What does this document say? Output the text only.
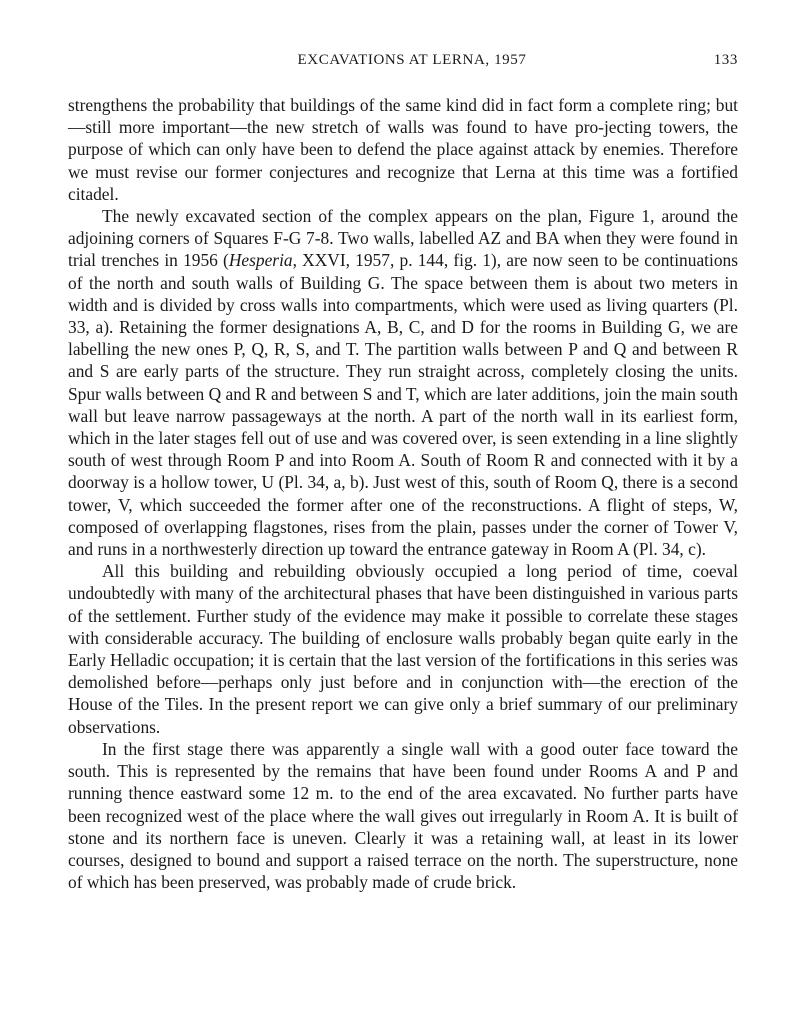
EXCAVATIONS AT LERNA, 1957	133

strengthens the probability that buildings of the same kind did in fact form a complete ring; but—still more important—the new stretch of walls was found to have pro-jecting towers, the purpose of which can only have been to defend the place against attack by enemies. Therefore we must revise our former conjectures and recognize that Lerna at this time was a fortified citadel.

The newly excavated section of the complex appears on the plan, Figure 1, around the adjoining corners of Squares F-G 7-8. Two walls, labelled AZ and BA when they were found in trial trenches in 1956 (Hesperia, XXVI, 1957, p. 144, fig. 1), are now seen to be continuations of the north and south walls of Building G. The space between them is about two meters in width and is divided by cross walls into compartments, which were used as living quarters (Pl. 33, a). Retaining the former designations A, B, C, and D for the rooms in Building G, we are labelling the new ones P, Q, R, S, and T. The partition walls between P and Q and between R and S are early parts of the structure. They run straight across, completely closing the units. Spur walls between Q and R and between S and T, which are later additions, join the main south wall but leave narrow passageways at the north. A part of the north wall in its earliest form, which in the later stages fell out of use and was covered over, is seen extending in a line slightly south of west through Room P and into Room A. South of Room R and connected with it by a doorway is a hollow tower, U (Pl. 34, a, b). Just west of this, south of Room Q, there is a second tower, V, which succeeded the former after one of the reconstructions. A flight of steps, W, composed of overlapping flagstones, rises from the plain, passes under the corner of Tower V, and runs in a northwesterly direction up toward the entrance gateway in Room A (Pl. 34, c).

All this building and rebuilding obviously occupied a long period of time, coeval undoubtedly with many of the architectural phases that have been distinguished in various parts of the settlement. Further study of the evidence may make it possible to correlate these stages with considerable accuracy. The building of enclosure walls probably began quite early in the Early Helladic occupation; it is certain that the last version of the fortifications in this series was demolished before—perhaps only just before and in conjunction with—the erection of the House of the Tiles. In the present report we can give only a brief summary of our preliminary observations.

In the first stage there was apparently a single wall with a good outer face toward the south. This is represented by the remains that have been found under Rooms A and P and running thence eastward some 12 m. to the end of the area excavated. No further parts have been recognized west of the place where the wall gives out irregularly in Room A. It is built of stone and its northern face is uneven. Clearly it was a retaining wall, at least in its lower courses, designed to bound and support a raised terrace on the north. The superstructure, none of which has been preserved, was probably made of crude brick.
